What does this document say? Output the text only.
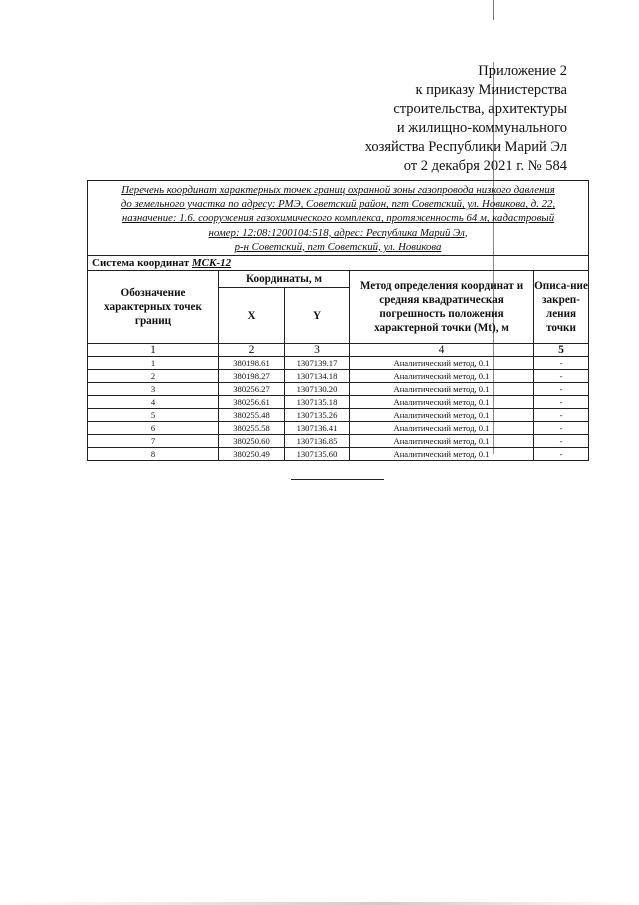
Приложение 2
к приказу Министерства
строительства, архитектуры
и жилищно-коммунального
хозяйства Республики Марий Эл
от 2 декабря 2021 г. № 584
Перечень координат характерных точек границ охранной зоны газопровода низкого давления
до земельного участка по адресу: РМЭ, Советский район, пгт Советский, ул. Новикова, д. 22,
назначение: 1.6. сооружения газохимического комплекса, протяженность 64 м, кадастровый
номер: 12:08:1200104:518, адрес: Республика Марий Эл,
р-н Советский, пгт Советский, ул. Новикова				

Система координат МСК-12				
Обозначение характерных точек границ	Координаты, м		Метод определения координат и средняя квадратическая погрешность положения характерной точки (Mt), м	Описа-ние закреп-ления точки
	X	Y		
1	2	3	4	5
1	380198.61	1307139.17	Аналитический метод, 0.1	-
2	380198.27	1307134.18	Аналитический метод, 0.1	-
3	380256.27	1307130.20	Аналитический метод, 0.1	-
4	380256.61	1307135.18	Аналитический метод, 0.1	-
5	380255.48	1307135.26	Аналитический метод, 0.1	-
6	380255.58	1307136.41	Аналитический метод, 0.1	-
7	380250.60	1307136.85	Аналитический метод, 0.1	-
8	380250.49	1307135.60	Аналитический метод, 0.1	-
